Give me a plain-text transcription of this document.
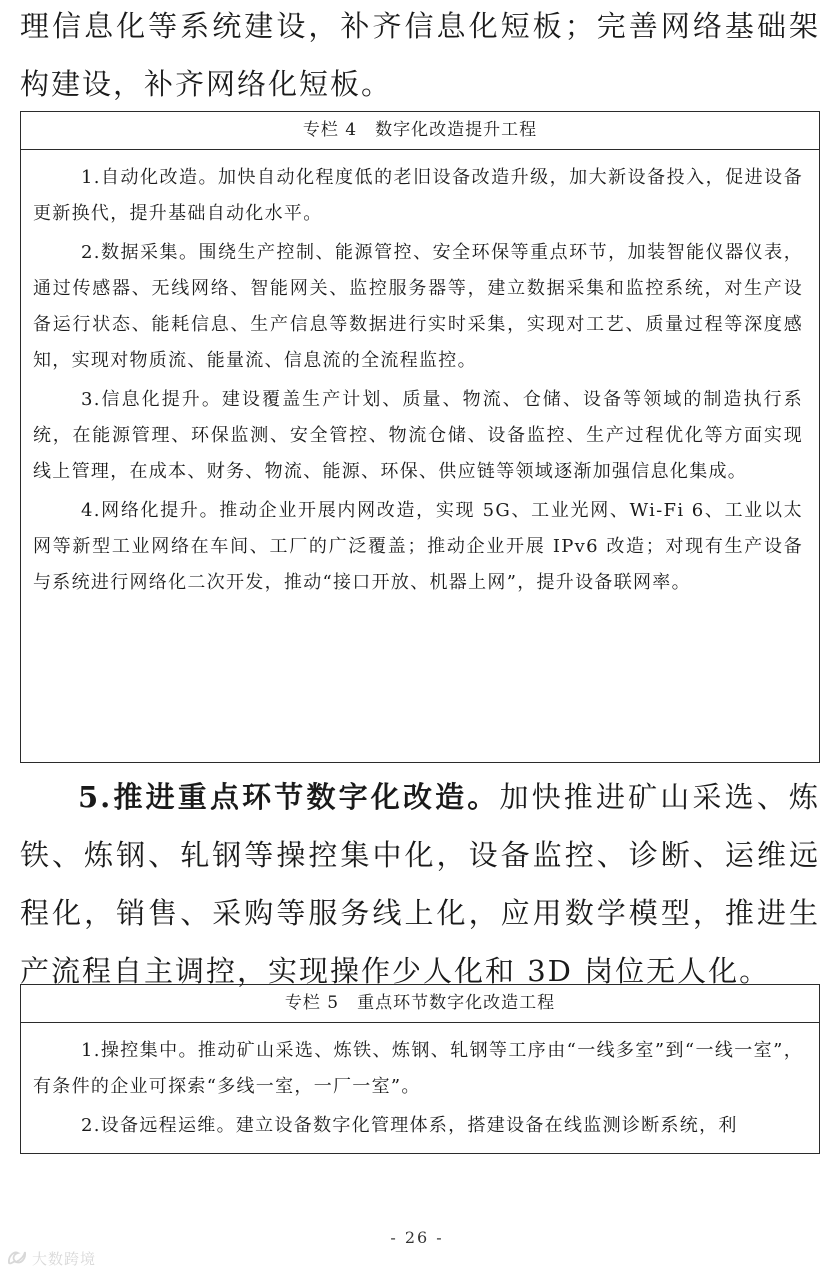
理信息化等系统建设，补齐信息化短板；完善网络基础架构建设，补齐网络化短板。
专栏 4　数字化改造提升工程

1.自动化改造。加快自动化程度低的老旧设备改造升级，加大新设备投入，促进设备更新换代，提升基础自动化水平。

2.数据采集。围绕生产控制、能源管控、安全环保等重点环节，加装智能仪器仪表，通过传感器、无线网络、智能网关、监控服务器等，建立数据采集和监控系统，对生产设备运行状态、能耗信息、生产信息等数据进行实时采集，实现对工艺、质量过程等深度感知，实现对物质流、能量流、信息流的全流程监控。

3.信息化提升。建设覆盖生产计划、质量、物流、仓储、设备等领域的制造执行系统，在能源管理、环保监测、安全管控、物流仓储、设备监控、生产过程优化等方面实现线上管理，在成本、财务、物流、能源、环保、供应链等领域逐渐加强信息化集成。

4.网络化提升。推动企业开展内网改造，实现 5G、工业光网、Wi-Fi 6、工业以太网等新型工业网络在车间、工厂的广泛覆盖；推动企业开展 IPv6 改造；对现有生产设备与系统进行网络化二次开发，推动“接口开放、机器上网”，提升设备联网率。

5.推进重点环节数字化改造。加快推进矿山采选、炼铁、炼钢、轧钢等操控集中化，设备监控、诊断、运维远程化，销售、采购等服务线上化，应用数学模型，推进生产流程自主调控，实现操作少人化和 3D 岗位无人化。
专栏 5　重点环节数字化改造工程

1.操控集中。推动矿山采选、炼铁、炼钢、轧钢等工序由“一线多室”到“一线一室”，有条件的企业可探索“多线一室，一厂一室”。

2.设备远程运维。建立设备数字化管理体系，搭建设备在线监测诊断系统，利

- 26 -
大数跨境
